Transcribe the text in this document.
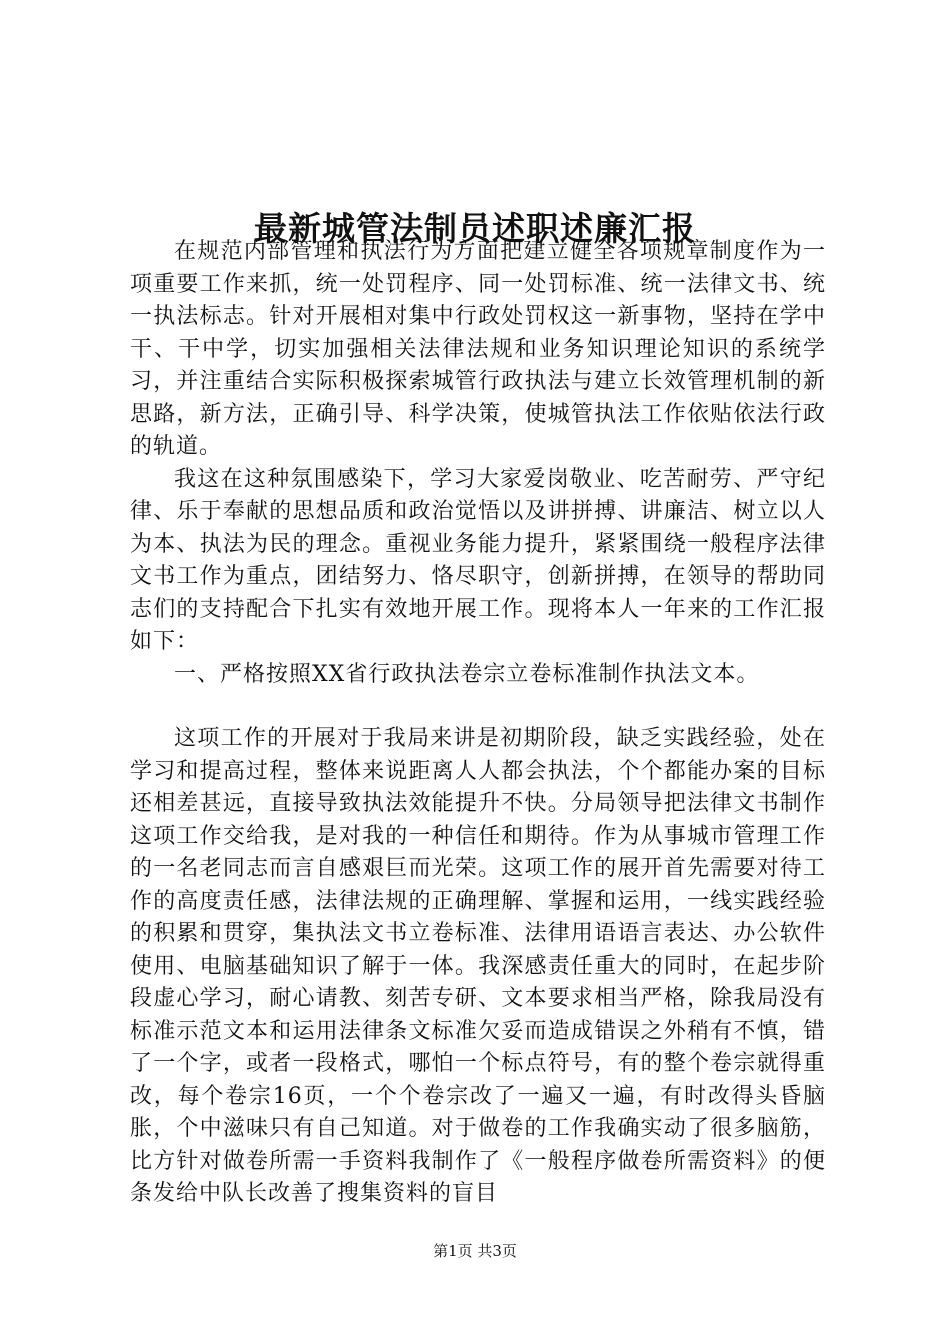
最新城管法制员述职述廉汇报

在规范内部管理和执法行为方面把建立健全各项规章制度作为一项重要工作来抓，统一处罚程序、同一处罚标准、统一法律文书、统一执法标志。针对开展相对集中行政处罚权这一新事物，坚持在学中干、干中学，切实加强相关法律法规和业务知识理论知识的系统学习，并注重结合实际积极探索城管行政执法与建立长效管理机制的新思路，新方法，正确引导、科学决策，使城管执法工作依贴依法行政的轨道。

我这在这种氛围感染下，学习大家爱岗敬业、吃苦耐劳、严守纪律、乐于奉献的思想品质和政治觉悟以及讲拼搏、讲廉洁、树立以人为本、执法为民的理念。重视业务能力提升，紧紧围绕一般程序法律文书工作为重点，团结努力、恪尽职守，创新拼搏，在领导的帮助同志们的支持配合下扎实有效地开展工作。现将本人一年来的工作汇报如下：

一、严格按照XX省行政执法卷宗立卷标准制作执法文本。

这项工作的开展对于我局来讲是初期阶段，缺乏实践经验，处在学习和提高过程，整体来说距离人人都会执法，个个都能办案的目标还相差甚远，直接导致执法效能提升不快。分局领导把法律文书制作这项工作交给我，是对我的一种信任和期待。作为从事城市管理工作的一名老同志而言自感艰巨而光荣。这项工作的展开首先需要对待工作的高度责任感，法律法规的正确理解、掌握和运用，一线实践经验的积累和贯穿，集执法文书立卷标准、法律用语语言表达、办公软件使用、电脑基础知识了解于一体。我深感责任重大的同时，在起步阶段虚心学习，耐心请教、刻苦专研、文本要求相当严格，除我局没有标准示范文本和运用法律条文标准欠妥而造成错误之外稍有不慎，错了一个字，或者一段格式，哪怕一个标点符号，有的整个卷宗就得重改，每个卷宗16页，一个个卷宗改了一遍又一遍，有时改得头昏脑胀，个中滋味只有自己知道。对于做卷的工作我确实动了很多脑筋，比方针对做卷所需一手资料我制作了《一般程序做卷所需资料》的便条发给中队长改善了搜集资料的盲目

第1页 共3页
